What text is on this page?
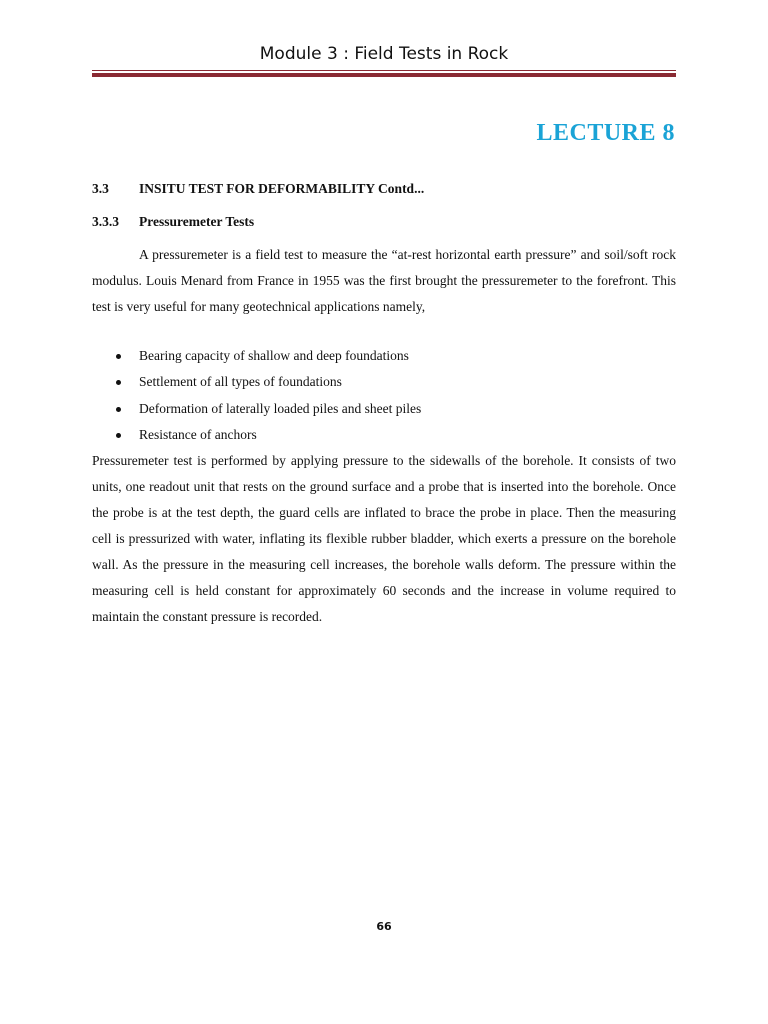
Module 3 : Field Tests in Rock
LECTURE 8
3.3 INSITU TEST FOR DEFORMABILITY Contd...
3.3.3 Pressuremeter Tests

A pressuremeter is a field test to measure the “at-rest horizontal earth pressure” and soil/soft rock modulus. Louis Menard from France in 1955 was the first brought the pressuremeter to the forefront. This test is very useful for many geotechnical applications namely,

Bearing capacity of shallow and deep foundations
Settlement of all types of foundations
Deformation of laterally loaded piles and sheet piles
Resistance of anchors

Pressuremeter test is performed by applying pressure to the sidewalls of the borehole. It consists of two units, one readout unit that rests on the ground surface and a probe that is inserted into the borehole. Once the probe is at the test depth, the guard cells are inflated to brace the probe in place. Then the measuring cell is pressurized with water, inflating its flexible rubber bladder, which exerts a pressure on the borehole wall. As the pressure in the measuring cell increases, the borehole walls deform. The pressure within the measuring cell is held constant for approximately 60 seconds and the increase in volume required to maintain the constant pressure is recorded.

66
